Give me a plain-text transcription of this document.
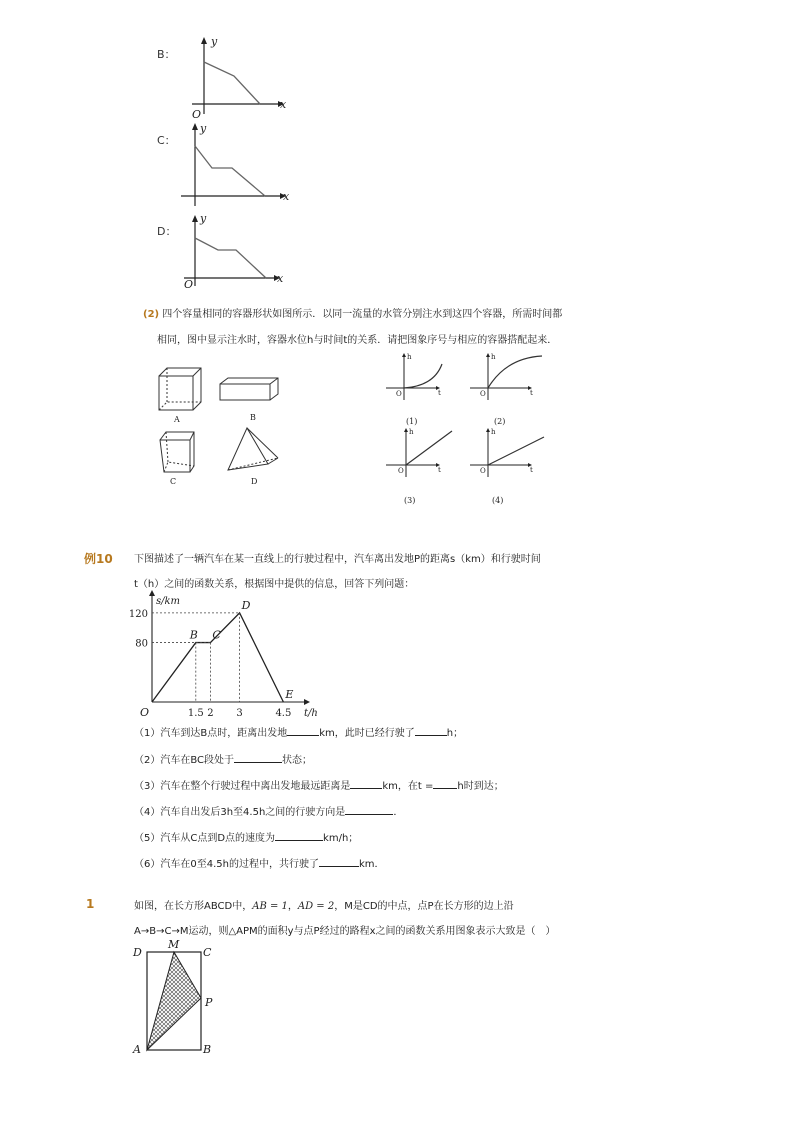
B：
y
x
O
C：
y
x
D：
y
x
O
(2) 四个容量相同的容器形状如图所示．以同一流量的水管分别注水到这四个容器，所需时间都
相同，图中显示注水时，容器水位h与时间t的关系．请把图象序号与相应的容器搭配起来．
A	B
C	D
h
t
O
(1)
h
t
O
(2)
h
t
O
(3)
h
t
O
(4)
例10 下图描述了一辆汽车在某一直线上的行驶过程中，汽车离出发地P的距离s（km）和行驶时间
t（h）之间的函数关系，根据图中提供的信息，回答下列问题：
s/km
t/h
80
120
1.5 2 3	4.5
O
B C
D
E
（1）汽车到达B点时，距离出发地	km，此时已经行驶了	h；
（2）汽车在BC段处于	状态；
（3）汽车在整个行驶过程中离出发地最远距离是	km，在t = h时到达；
（4）汽车自出发后3h至4.5h之间的行驶方向是	．
（5）汽车从C点到D点的速度为	km/h；
（6）汽车在0至4.5h的过程中，共行驶了	km．
1	如图，在长方形ABCD中，AB = 1，AD = 2，M是CD的中点，点P在长方形的边上沿
A→B→C→M运动，则△APM的面积y与点P经过的路程x之间的函数关系用图象表示大致是（　）
D
M
C
P
A	B
